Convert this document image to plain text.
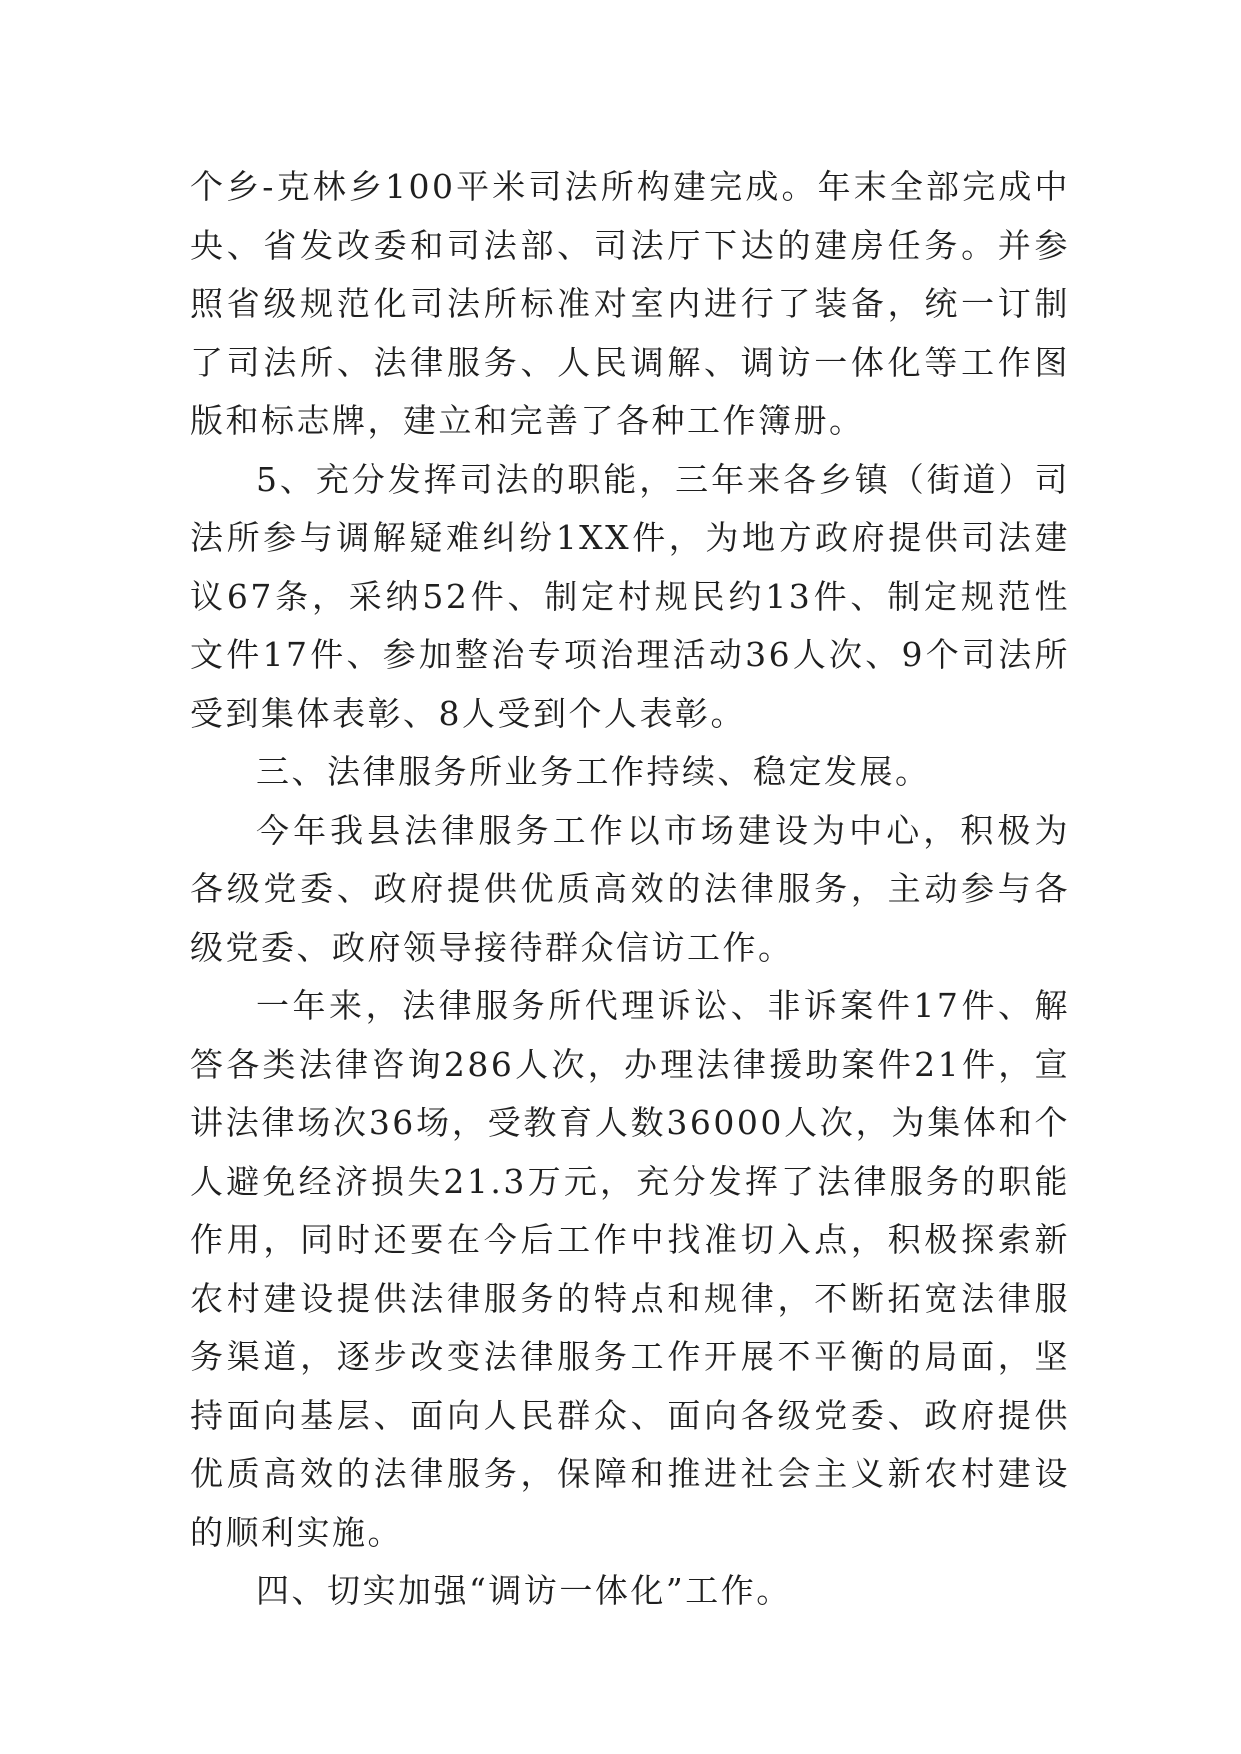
个乡-克林乡100平米司法所构建完成。年末全部完成中央、省发改委和司法部、司法厅下达的建房任务。并参照省级规范化司法所标准对室内进行了装备，统一订制了司法所、法律服务、人民调解、调访一体化等工作图版和标志牌，建立和完善了各种工作簿册。

5、充分发挥司法的职能，三年来各乡镇（街道）司法所参与调解疑难纠纷1XX件，为地方政府提供司法建议67条，采纳52件、制定村规民约13件、制定规范性文件17件、参加整治专项治理活动36人次、9个司法所受到集体表彰、8人受到个人表彰。

三、法律服务所业务工作持续、稳定发展。

今年我县法律服务工作以市场建设为中心，积极为各级党委、政府提供优质高效的法律服务，主动参与各级党委、政府领导接待群众信访工作。

一年来，法律服务所代理诉讼、非诉案件17件、解答各类法律咨询286人次，办理法律援助案件21件，宣讲法律场次36场，受教育人数36000人次，为集体和个人避免经济损失21.3万元，充分发挥了法律服务的职能作用，同时还要在今后工作中找准切入点，积极探索新农村建设提供法律服务的特点和规律，不断拓宽法律服务渠道，逐步改变法律服务工作开展不平衡的局面，坚持面向基层、面向人民群众、面向各级党委、政府提供优质高效的法律服务，保障和推进社会主义新农村建设的顺利实施。

四、切实加强“调访一体化”工作。
